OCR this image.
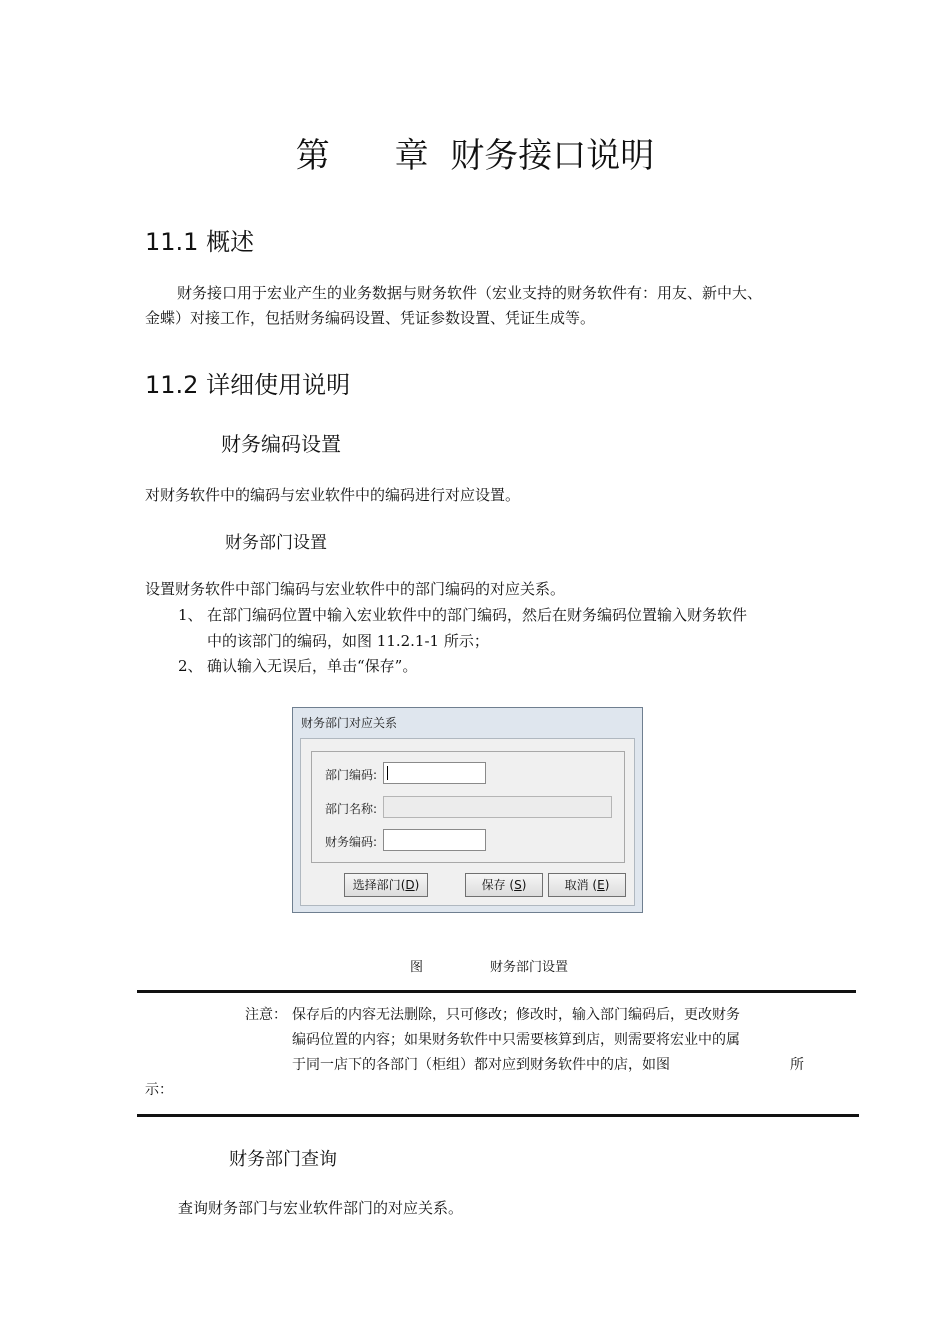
第      章  财务接口说明
11.1 概述
财务接口用于宏业产生的业务数据与财务软件（宏业支持的财务软件有：用友、新中大、
金蝶）对接工作，包括财务编码设置、凭证参数设置、凭证生成等。
11.2 详细使用说明
财务编码设置
对财务软件中的编码与宏业软件中的编码进行对应设置。
财务部门设置
设置财务软件中部门编码与宏业软件中的部门编码的对应关系。
1、 在部门编码位置中输入宏业软件中的部门编码，然后在财务编码位置输入财务软件
中的该部门的编码，如图 11.2.1-1 所示；
2、 确认输入无误后，单击“保存”。
财务部门对应关系
部门编码:
部门名称:
财务编码:
选择部门(D)	保存 (S)	取消 (E)
图	财务部门设置
注意： 保存后的内容无法删除，只可修改；修改时，输入部门编码后，更改财务
编码位置的内容；如果财务软件中只需要核算到店，则需要将宏业中的属
于同一店下的各部门（柜组）都对应到财务软件中的店，如图	所
示：
财务部门查询
查询财务部门与宏业软件部门的对应关系。
